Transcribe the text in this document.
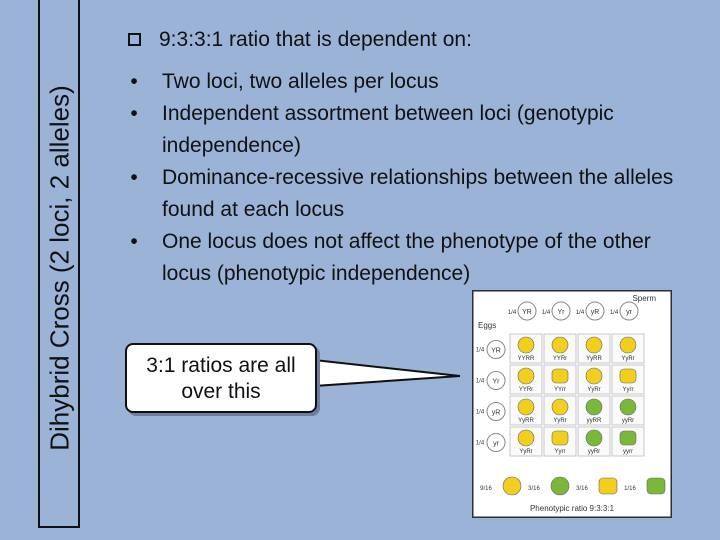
Dihybrid Cross (2 loci, 2 alleles)
9:3:3:1 ratio that is dependent on:
•	Two loci, two alleles per locus
•	Independent assortment between loci (genotypic independence)
•	Dominance-recessive relationships between the alleles found at each locus
•	One locus does not affect the phenotype of the other locus (phenotypic independence)
3:1 ratios are all over this
Sperm
Eggs
1/4 YR 1/4 Yr 1/4 yR 1/4 yr
1/4 YR
1/4 Yr
1/4 yR
1/4 yr
YYRR	YYRr	YyRR	YyRr
YYRr	YYrr	YyRr	Yyrr
YyRR	YyRr	yyRR	yyRr
YyRr	Yyrr	yyRr	yyrr
9/16	3/16	3/16	1/16
Phenotypic ratio 9:3:3:1
